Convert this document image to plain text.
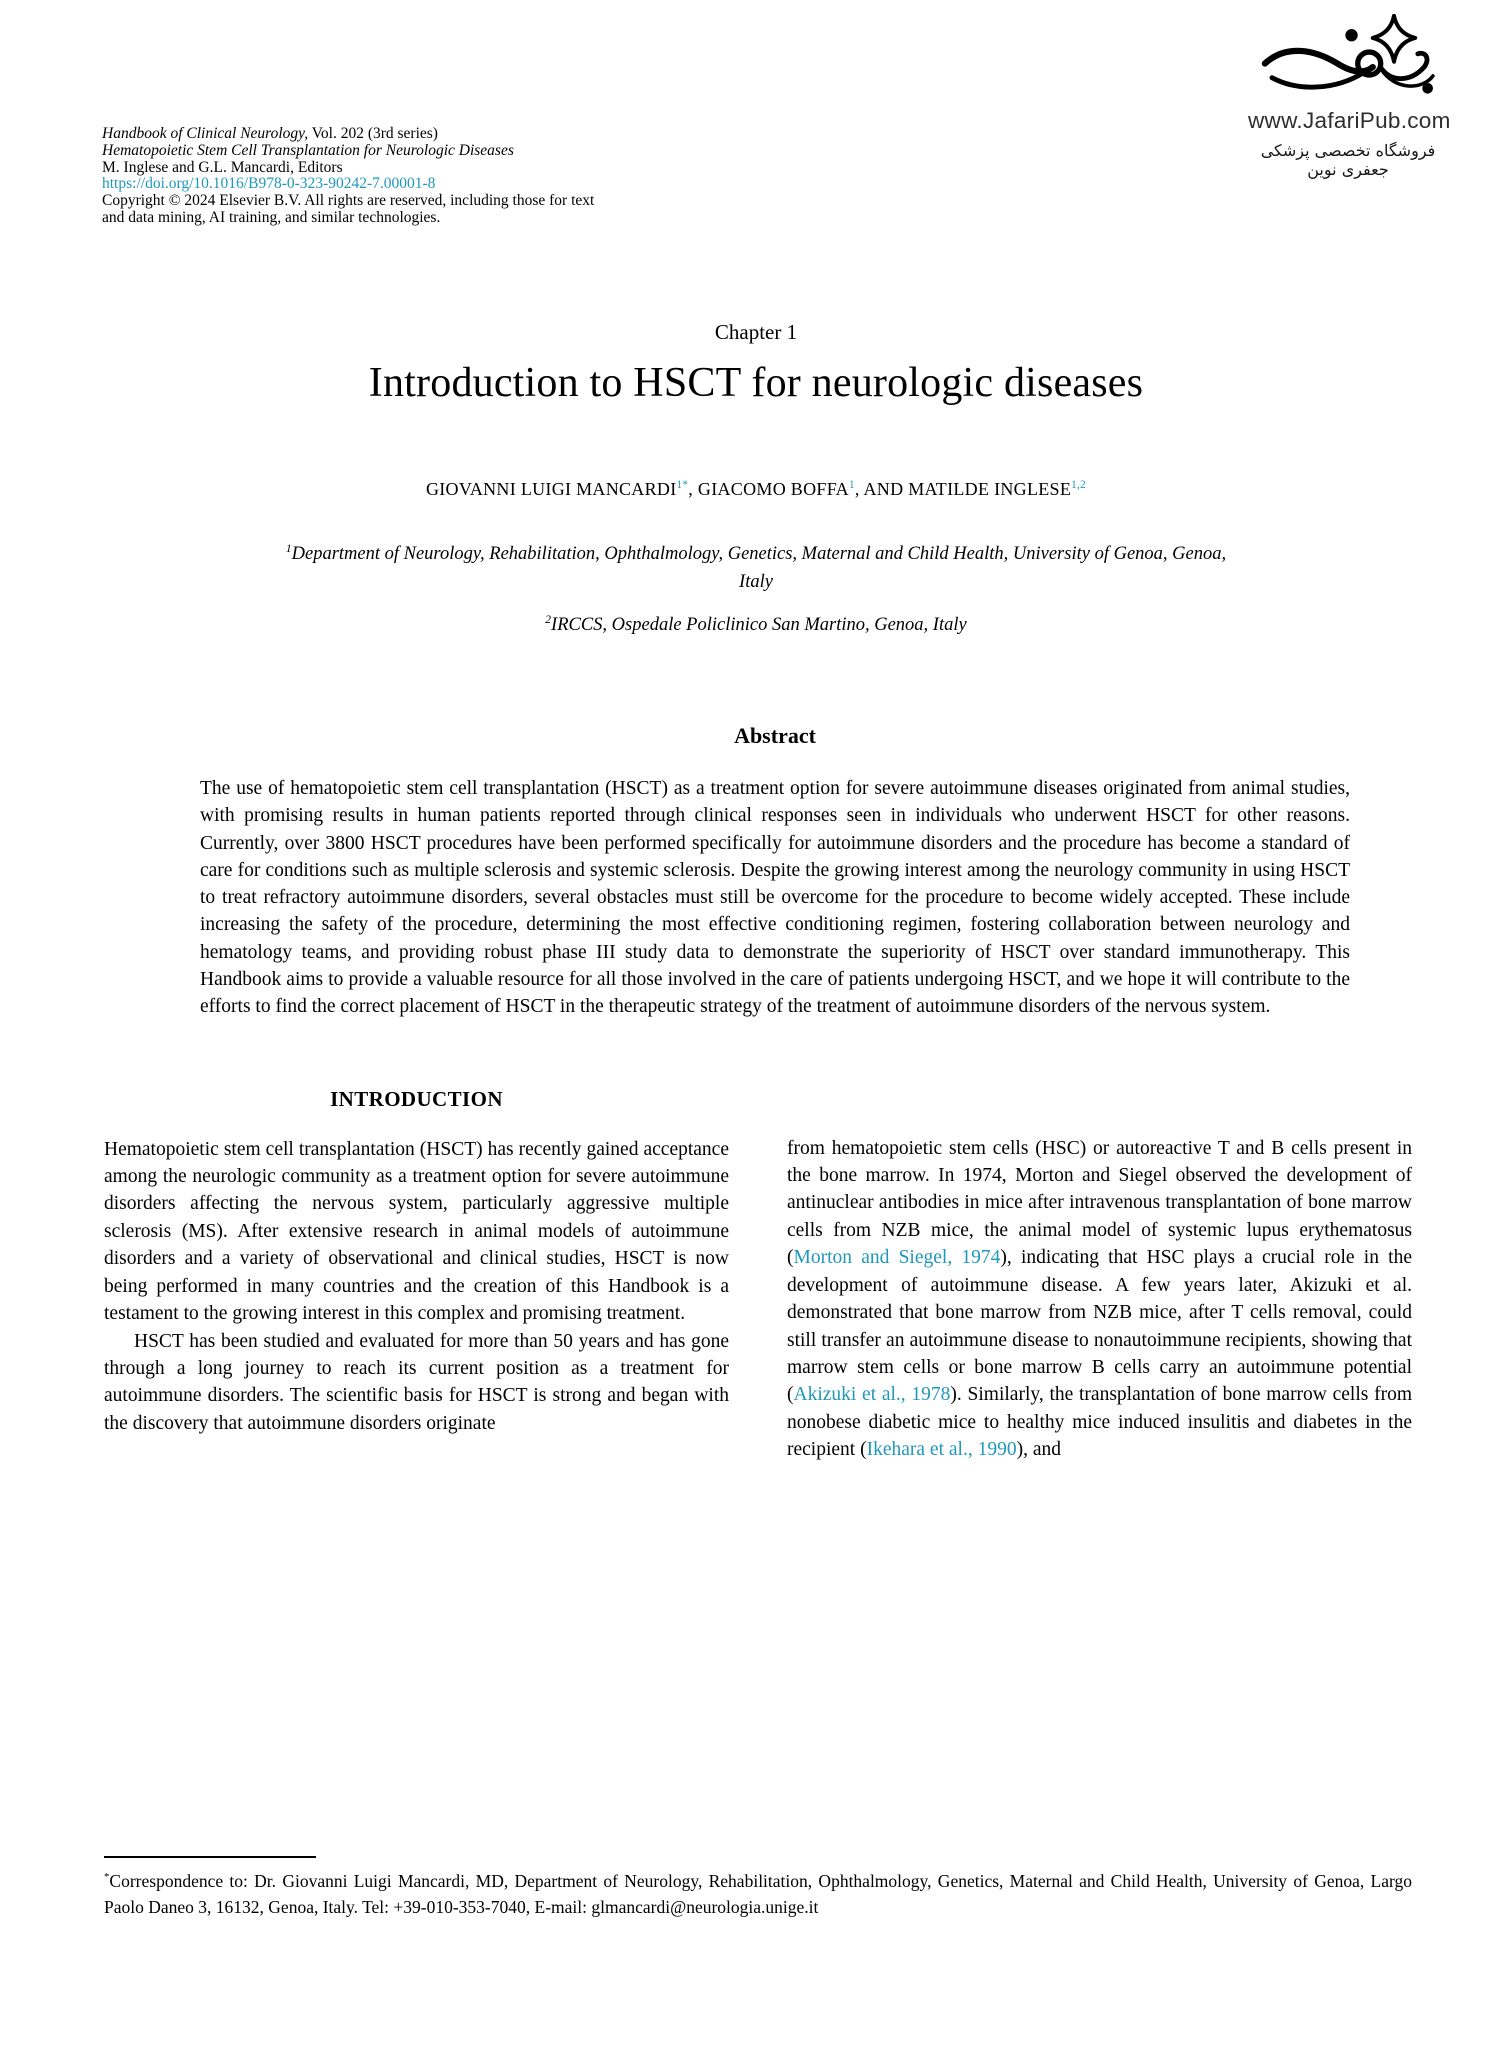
Handbook of Clinical Neurology, Vol. 202 (3rd series)
Hematopoietic Stem Cell Transplantation for Neurologic Diseases
M. Inglese and G.L. Mancardi, Editors
https://doi.org/10.1016/B978-0-323-90242-7.00001-8
Copyright © 2024 Elsevier B.V. All rights are reserved, including those for text
and data mining, AI training, and similar technologies.
www.JafariPub.com
فروشگاه تخصصی پزشکی جعفری نوین
Chapter 1
Introduction to HSCT for neurologic diseases
GIOVANNI LUIGI $MANCARDI^{1*}$, GIACOMO BOFFA$^1$, AND MATILDE INGLESE$^{1,2}$
$^1$Department of Neurology, Rehabilitation, Ophthalmology, Genetics, Maternal and Child Health, University of Genoa, Genoa, Italy
$^2$IRCCS, Ospedale Policlinico San Martino, Genoa, Italy
Abstract

The use of hematopoietic stem cell transplantation (HSCT) as a treatment option for severe autoimmune diseases originated from animal studies, with promising results in human patients reported through clinical responses seen in individuals who underwent HSCT for other reasons. Currently, over 3800 HSCT procedures have been performed specifically for autoimmune disorders and the procedure has become a standard of care for conditions such as multiple sclerosis and systemic sclerosis. Despite the growing interest among the neurology community in using HSCT to treat refractory autoimmune disorders, several obstacles must still be overcome for the procedure to become widely accepted. These include increasing the safety of the procedure, determining the most effective conditioning regimen, fostering collaboration between neurology and hematology teams, and providing robust phase III study data to demonstrate the superiority of HSCT over standard immunotherapy. This Handbook aims to provide a valuable resource for all those involved in the care of patients undergoing HSCT, and we hope it will contribute to the efforts to find the correct placement of HSCT in the therapeutic strategy of the treatment of autoimmune disorders of the nervous system.

INTRODUCTION

Hematopoietic stem cell transplantation (HSCT) has recently gained acceptance among the neurologic community as a treatment option for severe autoimmune disorders affecting the nervous system, particularly aggressive multiple sclerosis (MS). After extensive research in animal models of autoimmune disorders and a variety of observational and clinical studies, HSCT is now being performed in many countries and the creation of this Handbook is a testament to the growing interest in this complex and promising treatment.

HSCT has been studied and evaluated for more than 50 years and has gone through a long journey to reach its current position as a treatment for autoimmune disorders. The scientific basis for HSCT is strong and began with the discovery that autoimmune disorders originate

from hematopoietic stem cells (HSC) or autoreactive T and B cells present in the bone marrow. In 1974, Morton and Siegel observed the development of antinuclear antibodies in mice after intravenous transplantation of bone marrow cells from NZB mice, the animal model of systemic lupus erythematosus (Morton and Siegel, 1974), indicating that HSC plays a crucial role in the development of autoimmune disease. A few years later, Akizuki et al. demonstrated that bone marrow from NZB mice, after T cells removal, could still transfer an autoimmune disease to nonautoimmune recipients, showing that marrow stem cells or bone marrow B cells carry an autoimmune potential (Akizuki et al., 1978). Similarly, the transplantation of bone marrow cells from nonobese diabetic mice to healthy mice induced insulitis and diabetes in the recipient (Ikehara et al., 1990), and

*Correspondence to: Dr. Giovanni Luigi Mancardi, MD, Department of Neurology, Rehabilitation, Ophthalmology, Genetics, Maternal and Child Health, University of Genoa, Largo Paolo Daneo 3, 16132, Genoa, Italy. Tel: +39-010-353-7040, E-mail: glmancardi@neurologia.unige.it
